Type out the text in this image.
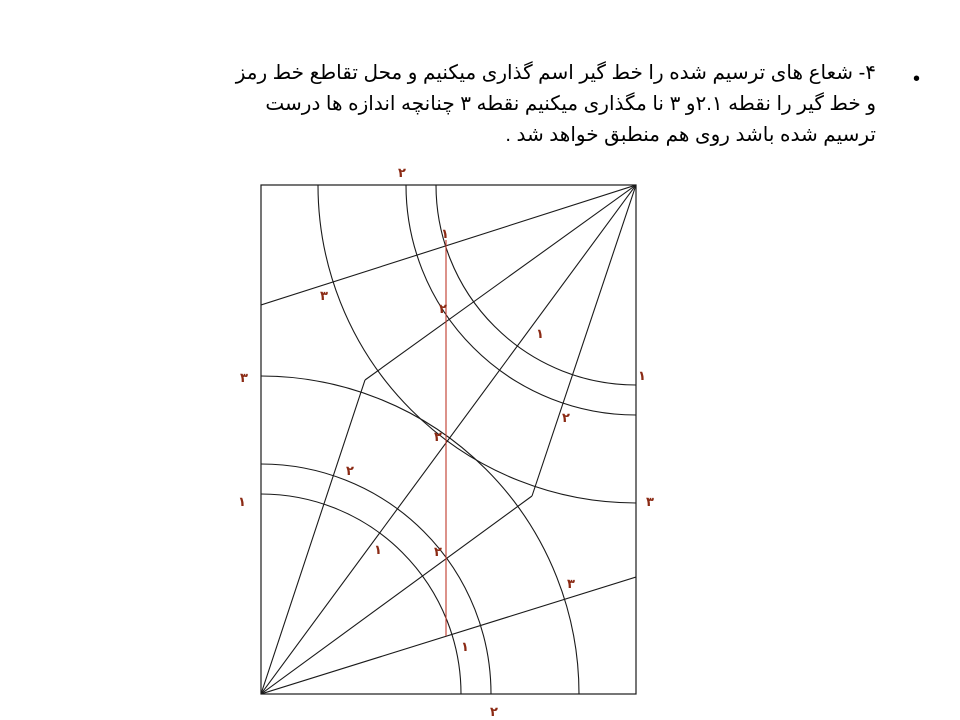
•
۴- شعاع های ترسیم شده را خط گیر اسم گذاری میکنیم و محل تقاطع خط رمز
و خط گیر را نقطه ۲.۱و ۳ نا مگذاری میکنیم نقطه ۳ چنانچه اندازه ها درست
ترسیم شده باشد روی هم منطبق خواهد شد .
۲
۱
۳
۲
۱
۱
۳
۲
۲
۲
۱	۳
۱	۲
۳
۱
۲
